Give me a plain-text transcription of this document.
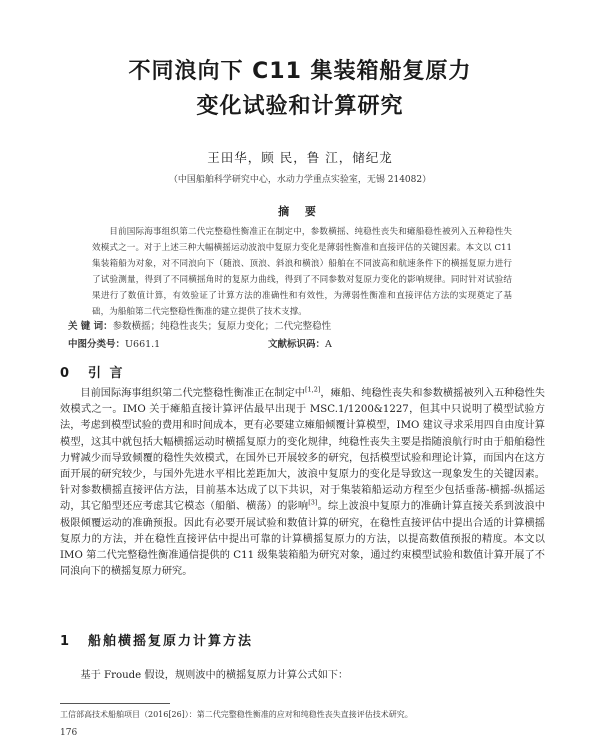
不同浪向下 C11 集装箱船复原力
变化试验和计算研究
王田华，顾 民，鲁 江，储纪龙
（中国船舶科学研究中心，水动力学重点实验室，无锡 214082）
摘 要
目前国际海事组织第二代完整稳性衡准正在制定中，参数横摇、纯稳性丧失和瘫船稳性被列入五种稳性失效模式之一。对于上述三种大幅横摇运动波浪中复原力变化是薄弱性衡准和直接评估的关键因素。本文以 C11 集装箱船为对象，对不同浪向下（随浪、顶浪、斜浪和横浪）船舶在不同波高和航速条件下的横摇复原力进行了试验测量，得到了不同横摇角时的复原力曲线，得到了不同参数对复原力变化的影响规律。同时针对试验结果进行了数值计算，有效验证了计算方法的准确性和有效性，为薄弱性衡准和直接评估方法的实现奠定了基础，为船舶第二代完整稳性衡准的建立提供了技术支撑。
关 键 词：参数横摇；纯稳性丧失；复原力变化；二代完整稳性
中图分类号：U661.1	文献标识码：A
0 引 言
目前国际海事组织第二代完整稳性衡准正在制定中[1,2]，瘫船、纯稳性丧失和参数横摇被列入五种稳性失效模式之一。IMO 关于瘫船直接计算评估最早出现于 MSC.1/1200&1227，但其中只说明了模型试验方法，考虑到模型试验的费用和时间成本，更有必要建立瘫船倾覆计算模型，IMO 建议寻求采用四自由度计算模型，这其中就包括大幅横摇运动时横摇复原力的变化规律，纯稳性丧失主要是指随浪航行时由于船舶稳性力臂减少而导致倾覆的稳性失效模式，在国外已开展较多的研究，包括模型试验和理论计算，而国内在这方面开展的研究较少，与国外先进水平相比差距加大，波浪中复原力的变化是导致这一现象发生的关键因素。针对参数横摇直接评估方法，目前基本达成了以下共识，对于集装箱船运动方程至少包括垂荡-横摇-纵摇运动，其它船型还应考虑其它模态（船艏、横荡）的影响[3]。综上波浪中复原力的准确计算直接关系到波浪中极限倾覆运动的准确预报。因此有必要开展试验和数值计算的研究，在稳性直接评估中提出合适的计算横摇复原力的方法，并在稳性直接评估中提出可靠的计算横摇复原力的方法，以提高数值预报的精度。本文以 IMO 第二代完整稳性衡准通信提供的 C11 级集装箱船为研究对象，通过约束模型试验和数值计算开展了不同浪向下的横摇复原力研究。
1 船舶横摇复原力计算方法
基于 Froude 假设，规则波中的横摇复原力计算公式如下：
工信部高技术船舶项目（2016[26]）：第二代完整稳性衡准的应对和纯稳性丧失直接评估技术研究。
176
